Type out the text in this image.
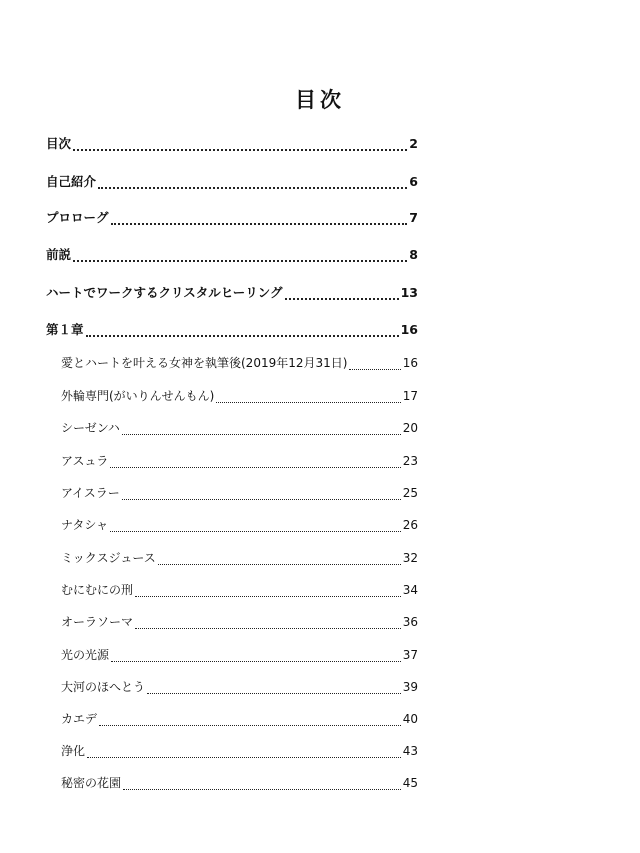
目次
目次	2
自己紹介	6
プロローグ	7
前説	8
ハートでワークするクリスタルヒーリング	13
第１章	16
愛とハートを叶える女神を執筆後(2019年12月31日)	16
外輪専門(がいりんせんもん)	17
シーゼンハ	20
アスュラ	23
アイスラー	25
ナタシャ	26
ミックスジュース	32
むにむにの刑	34
オーラソーマ	36
光の光源	37
大河のほへとう	39
カエデ	40
浄化	43
秘密の花園	45
